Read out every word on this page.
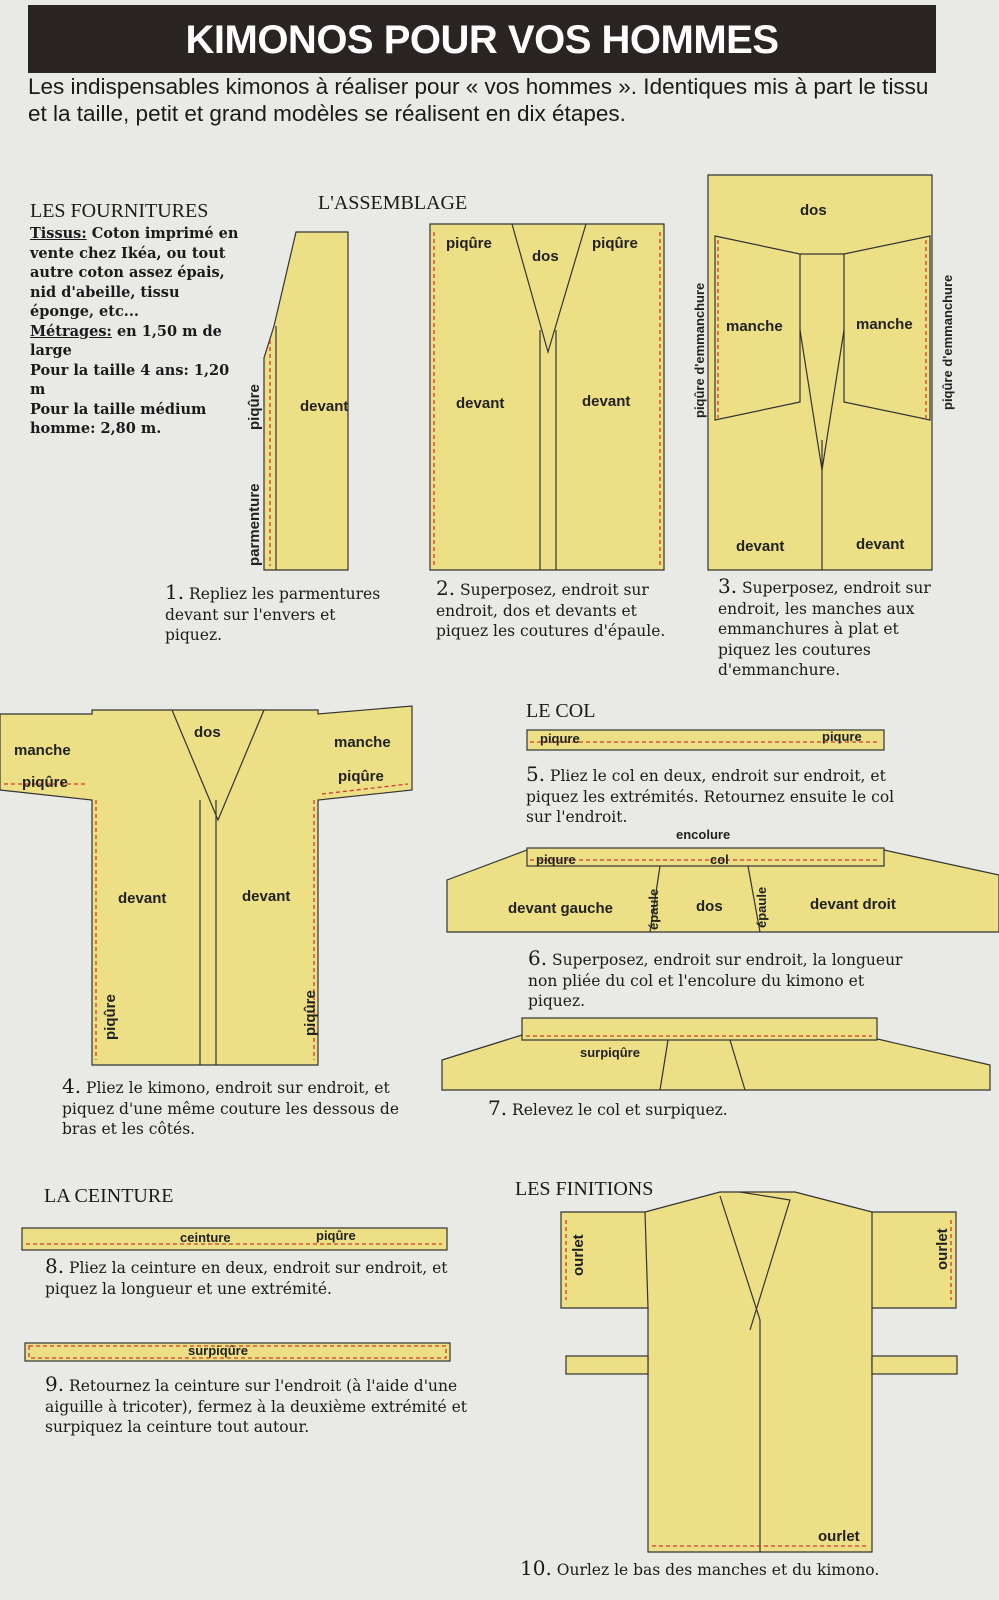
KIMONOS POUR VOS HOMMES
Les indispensables kimonos à réaliser pour « vos hommes ». Identiques mis à part le tissu et la taille, petit et grand modèles se réalisent en dix étapes.
LES FOURNITURES
Tissus: Coton imprimé en vente chez Ikéa, ou tout autre coton assez épais, nid d'abeille, tissu éponge, etc...
Métrages: en 1,50 m de large
Pour la taille 4 ans: 1,20 m
Pour la taille médium homme: 2,80 m.
L'ASSEMBLAGE
LE COL
LA CEINTURE	LES FINITIONS
devant
piqûre
parmenture
piqûre
dos
piqûre
devant	devant
dos
manche	manche
piqûre d'emmanchure	piqûre d'emmanchure
devant	devant
manche
piqûre
dos
manche
piqûre
devant	devant
piqûre	piqûre
piqure	piqure
encolure
piqure	col
devant gauche	épaule dos épaule	devant droit
surpiqûre
ceinture	piqûre
surpiqûre
ourlet	ourlet
ourlet
1. Repliez les parmentures devant sur l'envers et piquez.
2. Superposez, endroit sur endroit, dos et devants et piquez les coutures d'épaule.
3. Superposez, endroit sur endroit, les manches aux emmanchures à plat et piquez les coutures d'emmanchure.
4. Pliez le kimono, endroit sur endroit, et piquez d'une même couture les dessous de bras et les côtés.
5. Pliez le col en deux, endroit sur endroit, et piquez les extrémités. Retournez ensuite le col sur l'endroit.
6. Superposez, endroit sur endroit, la longueur non pliée du col et l'encolure du kimono et piquez.
7. Relevez le col et surpiquez.
8. Pliez la ceinture en deux, endroit sur endroit, et piquez la longueur et une extrémité.
9. Retournez la ceinture sur l'endroit (à l'aide d'une aiguille à tricoter), fermez à la deuxième extrémité et surpiquez la ceinture tout autour.
10. Ourlez le bas des manches et du kimono.
